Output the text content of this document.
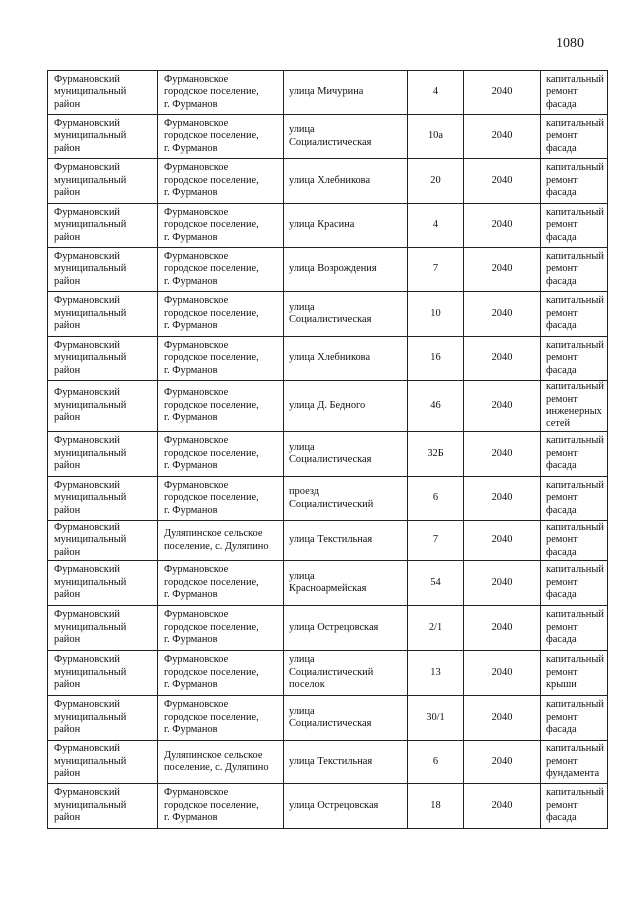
1080
Фурмановский
муниципальный
район	Фурмановское
городское поселение,
г. Фурманов	улица Мичурина	4	2040	капитальный
ремонт фасада

Фурмановский
муниципальный
район	Фурмановское
городское поселение,
г. Фурманов	улица
Социалистическая	10а	2040	капитальный
ремонт фасада

Фурмановский
муниципальный
район	Фурмановское
городское поселение,
г. Фурманов	улица Хлебникова	20	2040	капитальный
ремонт фасада

Фурмановский
муниципальный
район	Фурмановское
городское поселение,
г. Фурманов	улица Красина	4	2040	капитальный
ремонт фасада

Фурмановский
муниципальный
район	Фурмановское
городское поселение,
г. Фурманов	улица Возрождения	7	2040	капитальный
ремонт фасада

Фурмановский
муниципальный
район	Фурмановское
городское поселение,
г. Фурманов	улица
Социалистическая	10	2040	капитальный
ремонт фасада

Фурмановский
муниципальный
район	Фурмановское
городское поселение,
г. Фурманов	улица Хлебникова	16	2040	капитальный
ремонт фасада

Фурмановский
муниципальный
район	Фурмановское
городское поселение,
г. Фурманов	улица Д. Бедного	46	2040	капитальный
ремонт
инженерных
сетей

Фурмановский
муниципальный
район	Фурмановское
городское поселение,
г. Фурманов	улица
Социалистическая	32Б	2040	капитальный
ремонт фасада

Фурмановский
муниципальный
район	Фурмановское
городское поселение,
г. Фурманов	проезд
Социалистический	6	2040	капитальный
ремонт фасада

Фурмановский
муниципальный
район	Дуляпинское сельское
поселение, с. Дуляпино	улица Текстильная	7	2040	капитальный
ремонт фасада

Фурмановский
муниципальный
район	Фурмановское
городское поселение,
г. Фурманов	улица
Красноармейская	54	2040	капитальный
ремонт фасада

Фурмановский
муниципальный
район	Фурмановское
городское поселение,
г. Фурманов	улица Острецовская	2/1	2040	капитальный
ремонт фасада

Фурмановский
муниципальный
район	Фурмановское
городское поселение,
г. Фурманов	улица
Социалистический
поселок	13	2040	капитальный
ремонт крыши

Фурмановский
муниципальный
район	Фурмановское
городское поселение,
г. Фурманов	улица
Социалистическая	30/1	2040	капитальный
ремонт фасада

Фурмановский
муниципальный
район	Дуляпинское сельское
поселение, с. Дуляпино	улица Текстильная	6	2040	капитальный
ремонт
фундамента

Фурмановский
муниципальный
район	Фурмановское
городское поселение,
г. Фурманов	улица Острецовская	18	2040	капитальный
ремонт фасада
